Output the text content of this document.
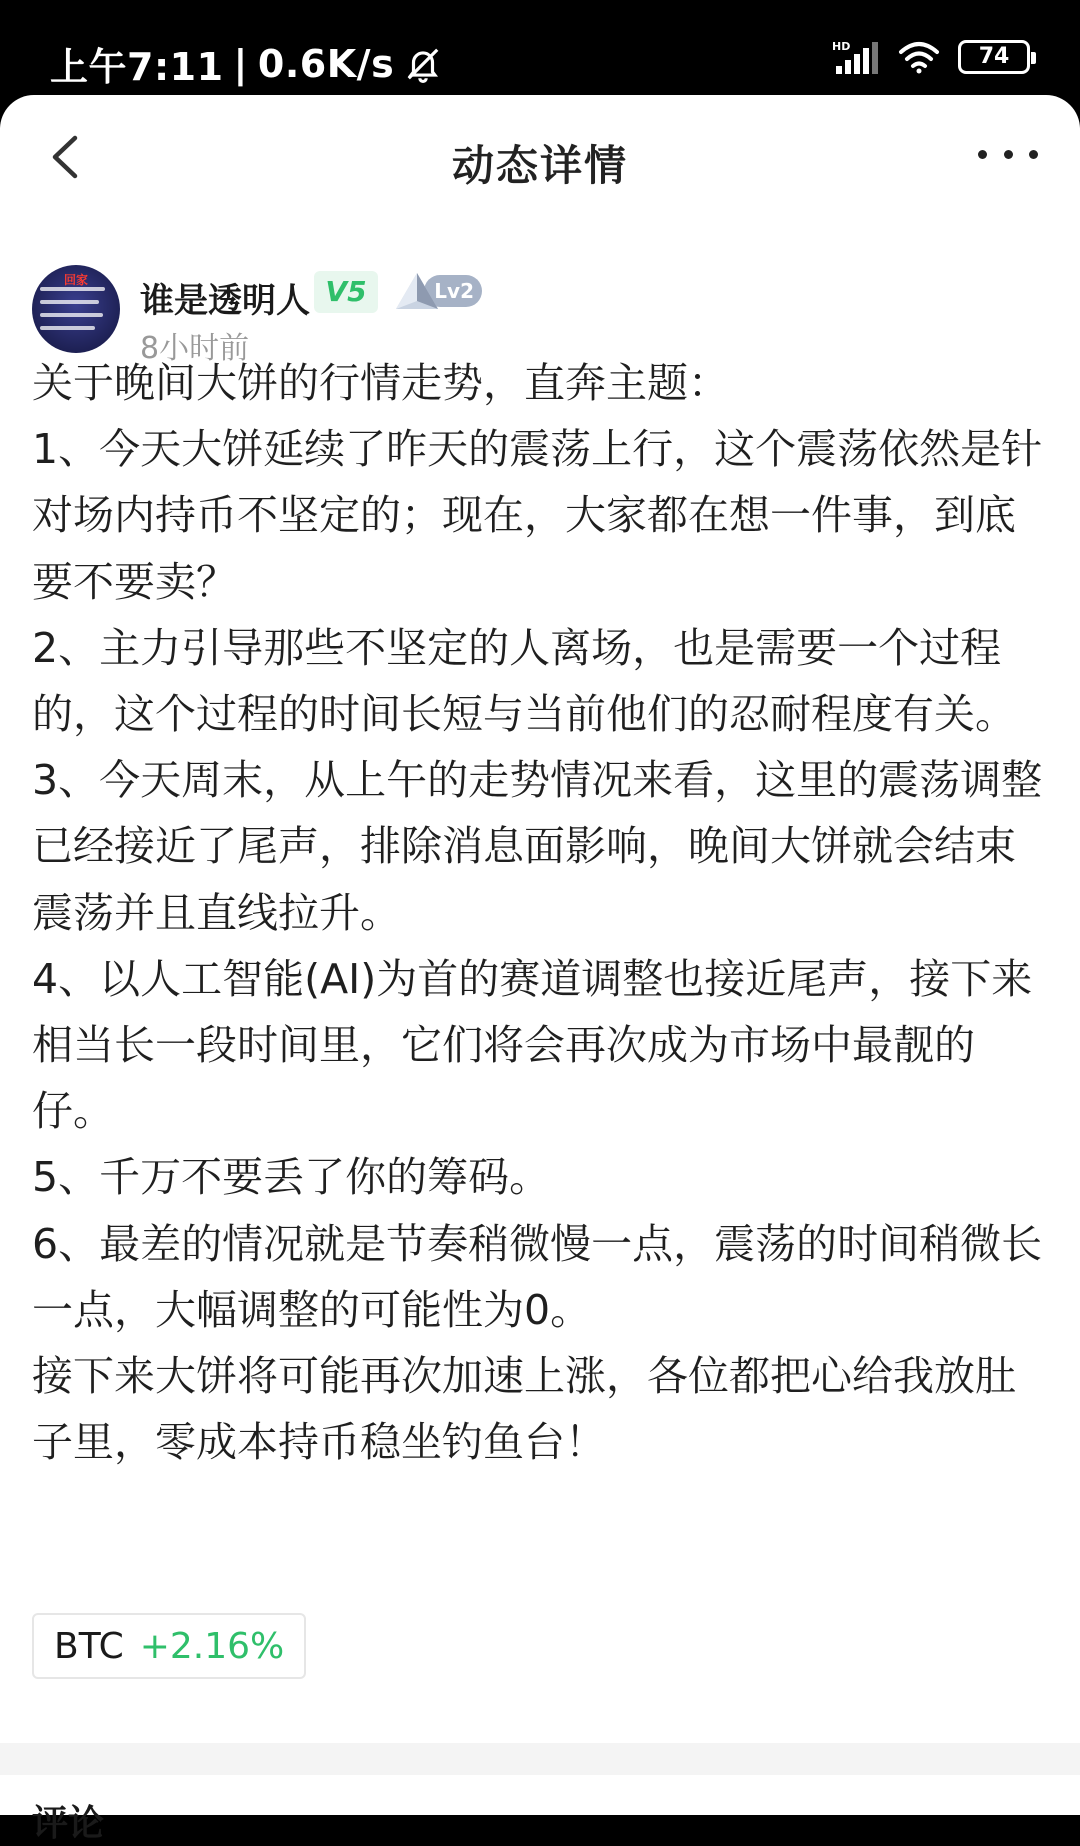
上午7:11 | 0.6K/s	HD	74
动态详情
回家
谁是透明人 V5	Lv2
8小时前

关于晚间大饼的行情走势，直奔主题：

1、今天大饼延续了昨天的震荡上行，这个震荡依然是针对场内持币不坚定的；现在，大家都在想一件事，到底要不要卖？

2、主力引导那些不坚定的人离场，也是需要一个过程的，这个过程的时间长短与当前他们的忍耐程度有关。

3、今天周末，从上午的走势情况来看，这里的震荡调整已经接近了尾声，排除消息面影响，晚间大饼就会结束震荡并且直线拉升。

4、以人工智能(AI)为首的赛道调整也接近尾声，接下来相当长一段时间里，它们将会再次成为市场中最靓的仔。

5、千万不要丢了你的筹码。

6、最差的情况就是节奏稍微慢一点，震荡的时间稍微长一点，大幅调整的可能性为0。

接下来大饼将可能再次加速上涨，各位都把心给我放肚子里，零成本持币稳坐钓鱼台！

BTC +2.16%
评论
